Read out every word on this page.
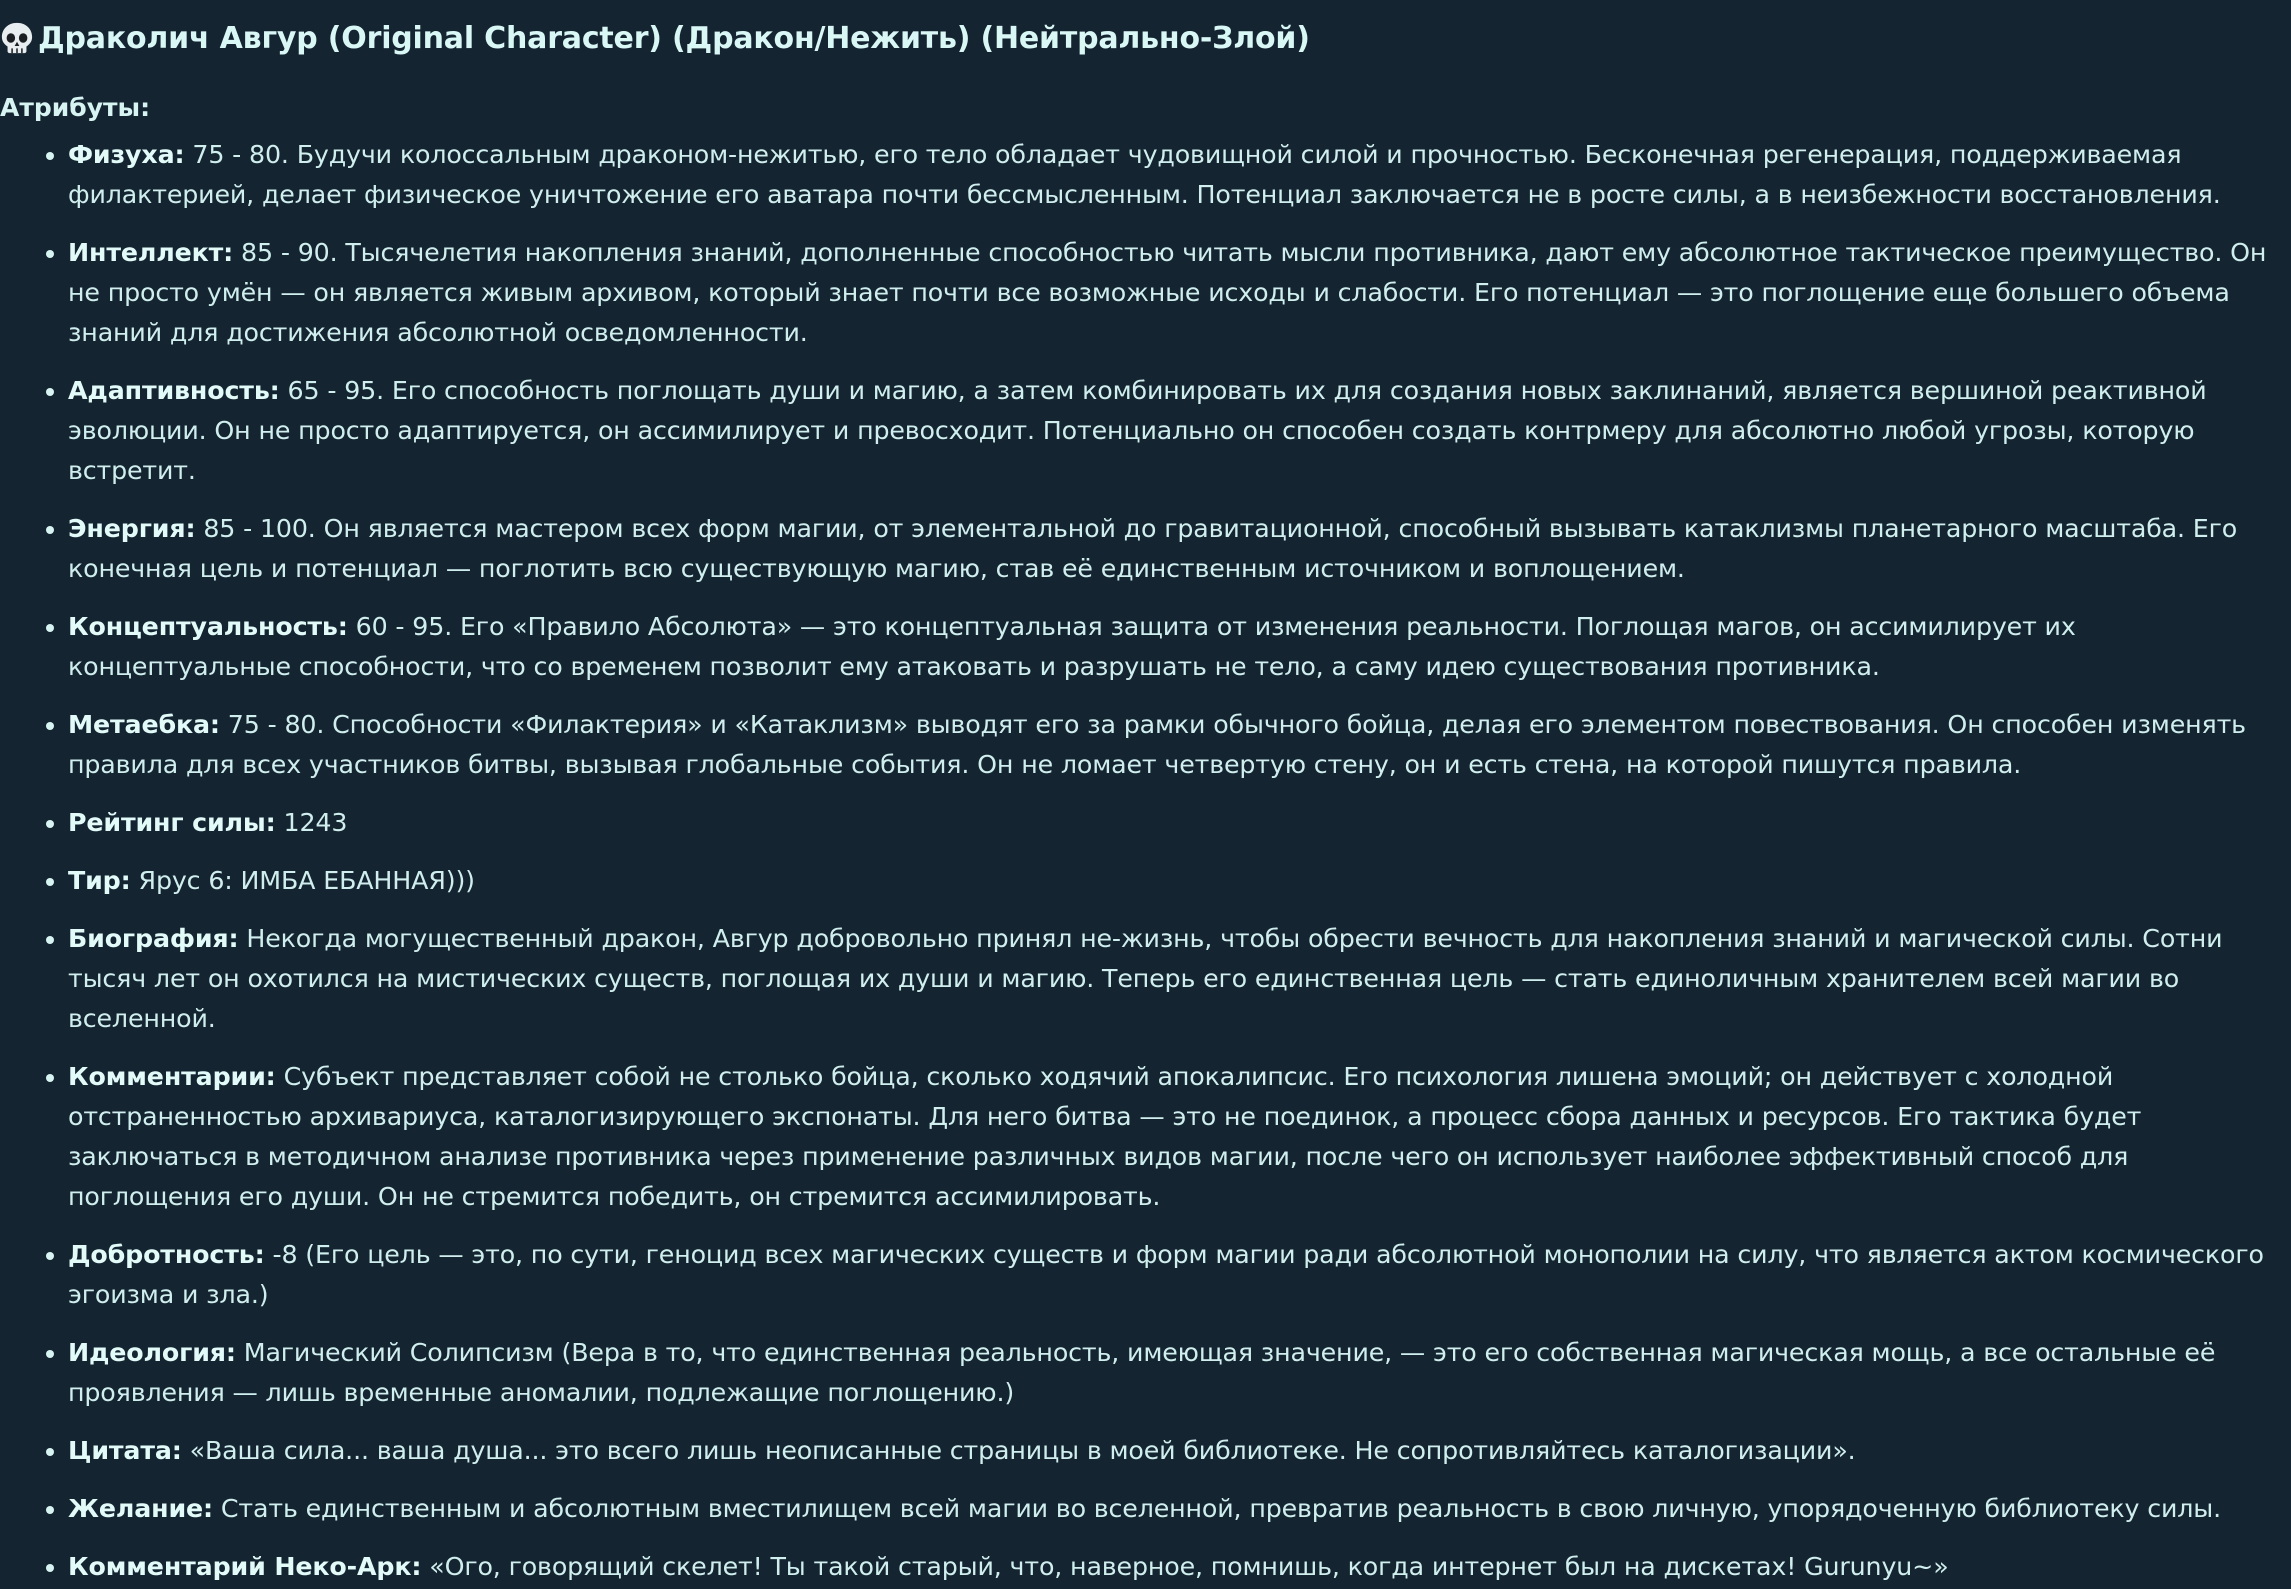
Драколич Авгур (Original Character) (Дракон/Нежить) (Нейтрально-Злой)
Атрибуты:
Физуха: 75 - 80. Будучи колоссальным драконом-нежитью, его тело обладает чудовищной силой и прочностью. Бесконечная регенерация, поддерживаемая филактерией, делает физическое уничтожение его аватара почти бессмысленным. Потенциал заключается не в росте силы, а в неизбежности восстановления.
Интеллект: 85 - 90. Тысячелетия накопления знаний, дополненные способностью читать мысли противника, дают ему абсолютное тактическое преимущество. Он не просто умён — он является живым архивом, который знает почти все возможные исходы и слабости. Его потенциал — это поглощение еще большего объема знаний для достижения абсолютной осведомленности.
Адаптивность: 65 - 95. Его способность поглощать души и магию, а затем комбинировать их для создания новых заклинаний, является вершиной реактивной эволюции. Он не просто адаптируется, он ассимилирует и превосходит. Потенциально он способен создать контрмеру для абсолютно любой угрозы, которую встретит.
Энергия: 85 - 100. Он является мастером всех форм магии, от элементальной до гравитационной, способный вызывать катаклизмы планетарного масштаба. Его конечная цель и потенциал — поглотить всю существующую магию, став её единственным источником и воплощением.
Концептуальность: 60 - 95. Его «Правило Абсолюта» — это концептуальная защита от изменения реальности. Поглощая магов, он ассимилирует их концептуальные способности, что со временем позволит ему атаковать и разрушать не тело, а саму идею существования противника.
Метаебка: 75 - 80. Способности «Филактерия» и «Катаклизм» выводят его за рамки обычного бойца, делая его элементом повествования. Он способен изменять правила для всех участников битвы, вызывая глобальные события. Он не ломает четвертую стену, он и есть стена, на которой пишутся правила.
Рейтинг силы: 1243
Тир: Ярус 6: ИМБА ЕБАННАЯ)))
Биография: Некогда могущественный дракон, Авгур добровольно принял не-жизнь, чтобы обрести вечность для накопления знаний и магической силы. Сотни тысяч лет он охотился на мистических существ, поглощая их души и магию. Теперь его единственная цель — стать единоличным хранителем всей магии во вселенной.
Комментарии: Субъект представляет собой не столько бойца, сколько ходячий апокалипсис. Его психология лишена эмоций; он действует с холодной отстраненностью архивариуса, каталогизирующего экспонаты. Для него битва — это не поединок, а процесс сбора данных и ресурсов. Его тактика будет заключаться в методичном анализе противника через применение различных видов магии, после чего он использует наиболее эффективный способ для поглощения его души. Он не стремится победить, он стремится ассимилировать.
Добротность: -8 (Его цель — это, по сути, геноцид всех магических существ и форм магии ради абсолютной монополии на силу, что является актом космического эгоизма и зла.)
Идеология: Магический Солипсизм (Вера в то, что единственная реальность, имеющая значение, — это его собственная магическая мощь, а все остальные её проявления — лишь временные аномалии, подлежащие поглощению.)
Цитата: «Ваша сила... ваша душа... это всего лишь неописанные страницы в моей библиотеке. Не сопротивляйтесь каталогизации».
Желание: Стать единственным и абсолютным вместилищем всей магии во вселенной, превратив реальность в свою личную, упорядоченную библиотеку силы.
Комментарий Неко-Арк: «Ого, говорящий скелет! Ты такой старый, что, наверное, помнишь, когда интернет был на дискетах! Gurunyu~»
